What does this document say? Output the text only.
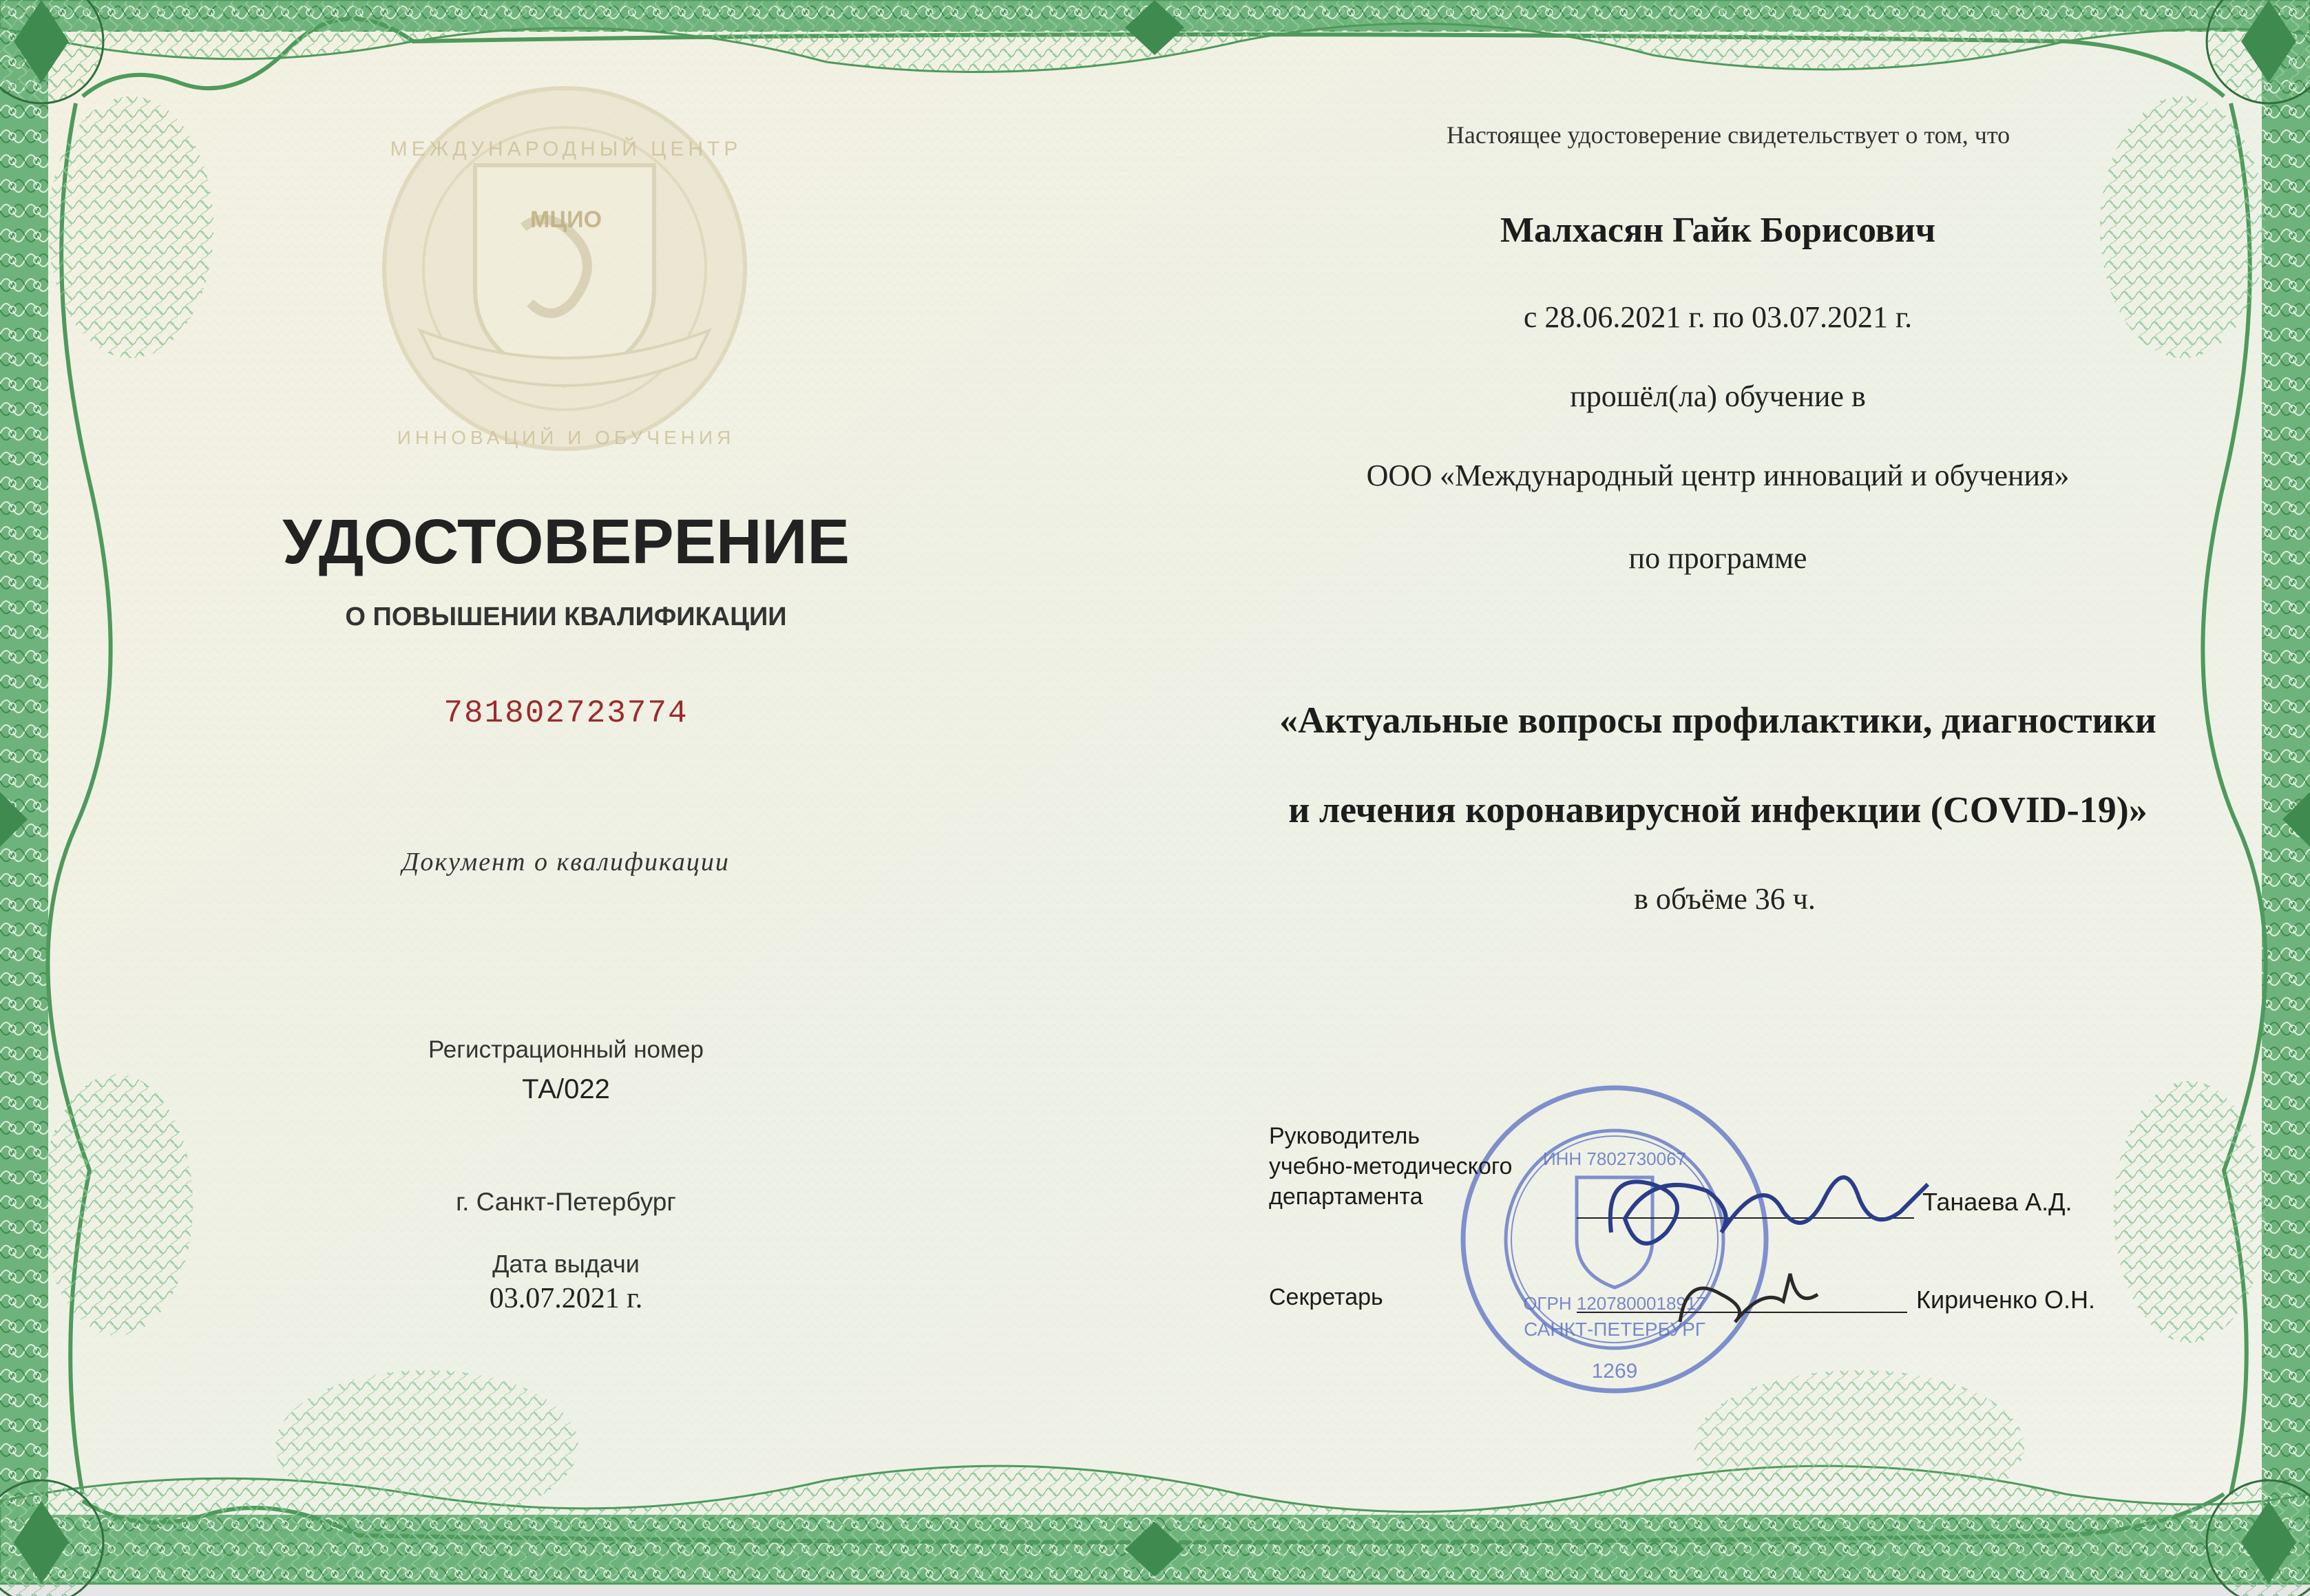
МЕЖДУНАРОДНЫЙ ЦЕНТР
МЦИО
ИННОВАЦИЙ И ОБУЧЕНИЯ
УДОСТОВЕРЕНИЕ
О ПОВЫШЕНИИ КВАЛИФИКАЦИИ
781802723774
Документ о квалификации
Регистрационный номер
ТА/022
г. Санкт-Петербург
Дата выдачи
03.07.2021 г.
Настоящее удостоверение свидетельствует о том, что
Малхасян Гайк Борисович
с 28.06.2021 г. по 03.07.2021 г.
прошёл(ла) обучение в
ООО «Международный центр инноваций и обучения»
по программе
«Актуальные вопросы профилактики, диагностики
и лечения коронавирусной инфекции (COVID-19)»
в объёме 36 ч.
ОГРН 1207800018917
ИНН 7802730067
САНКТ-ПЕТЕРБУРГ
1269
Руководитель
учебно-методического
департамента	Танаева А.Д.
Секретарь	Кириченко О.Н.
